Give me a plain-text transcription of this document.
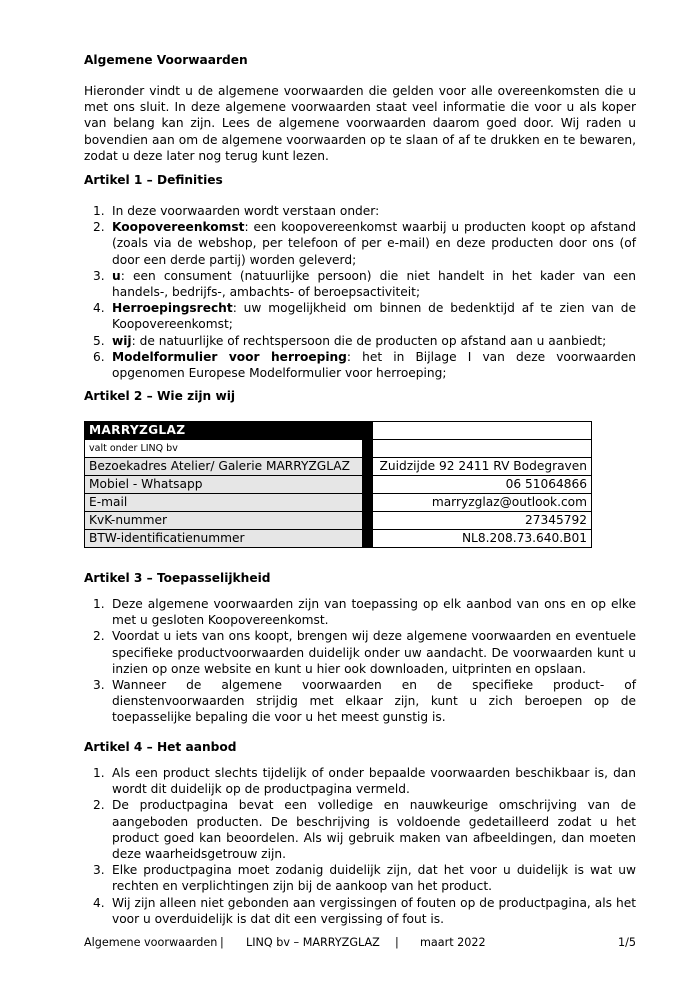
Algemene Voorwaarden

Hieronder vindt u de algemene voorwaarden die gelden voor alle overeenkomsten die u met ons sluit. In deze algemene voorwaarden staat veel informatie die voor u als koper van belang kan zijn. Lees de algemene voorwaarden daarom goed door. Wij raden u bovendien aan om de algemene voorwaarden op te slaan of af te drukken en te bewaren, zodat u deze later nog terug kunt lezen.

Artikel 1 – Definities

1. In deze voorwaarden wordt verstaan onder:
2. Koopovereenkomst: een koopovereenkomst waarbij u producten koopt op afstand (zoals via de webshop, per telefoon of per e-mail) en deze producten door ons (of door een derde partij) worden geleverd;
3. u: een consument (natuurlijke persoon) die niet handelt in het kader van een handels-, bedrijfs-, ambachts- of beroepsactiviteit;
4. Herroepingsrecht: uw mogelijkheid om binnen de bedenktijd af te zien van de Koopovereenkomst;
5. wij: de natuurlijke of rechtspersoon die de producten op afstand aan u aanbiedt;
6. Modelformulier voor herroeping: het in Bijlage I van deze voorwaarden opgenomen Europese Modelformulier voor herroeping;

Artikel 2 – Wie zijn wij

MARRYZGLAZ		
valt onder LINQ bv		
Bezoekadres Atelier/ Galerie MARRYZGLAZ		Zuidzijde 92 2411 RV Bodegraven
Mobiel - Whatsapp		06 51064866
E-mail		marryzglaz@outlook.com
KvK-nummer		27345792
BTW-identificatienummer		NL8.208.73.640.B01

Artikel 3 – Toepasselijkheid

1. Deze algemene voorwaarden zijn van toepassing op elk aanbod van ons en op elke met u gesloten Koopovereenkomst.
2. Voordat u iets van ons koopt, brengen wij deze algemene voorwaarden en eventuele specifieke productvoorwaarden duidelijk onder uw aandacht. De voorwaarden kunt u inzien op onze website en kunt u hier ook downloaden, uitprinten en opslaan.
3. Wanneer de algemene voorwaarden en de specifieke product- of dienstenvoorwaarden strijdig met elkaar zijn, kunt u zich beroepen op de toepasselijke bepaling die voor u het meest gunstig is.

Artikel 4 – Het aanbod

1. Als een product slechts tijdelijk of onder bepaalde voorwaarden beschikbaar is, dan wordt dit duidelijk op de productpagina vermeld.
2. De productpagina bevat een volledige en nauwkeurige omschrijving van de aangeboden producten. De beschrijving is voldoende gedetailleerd zodat u het product goed kan beoordelen. Als wij gebruik maken van afbeeldingen, dan moeten deze waarheidsgetrouw zijn.
3. Elke productpagina moet zodanig duidelijk zijn, dat het voor u duidelijk is wat uw rechten en verplichtingen zijn bij de aankoop van het product.
4. Wij zijn alleen niet gebonden aan vergissingen of fouten op de productpagina, als het voor u overduidelijk is dat dit een vergissing of fout is.
Algemene voorwaarden | LINQ bv – MARRYZGLAZ | maart 2022	1/5
